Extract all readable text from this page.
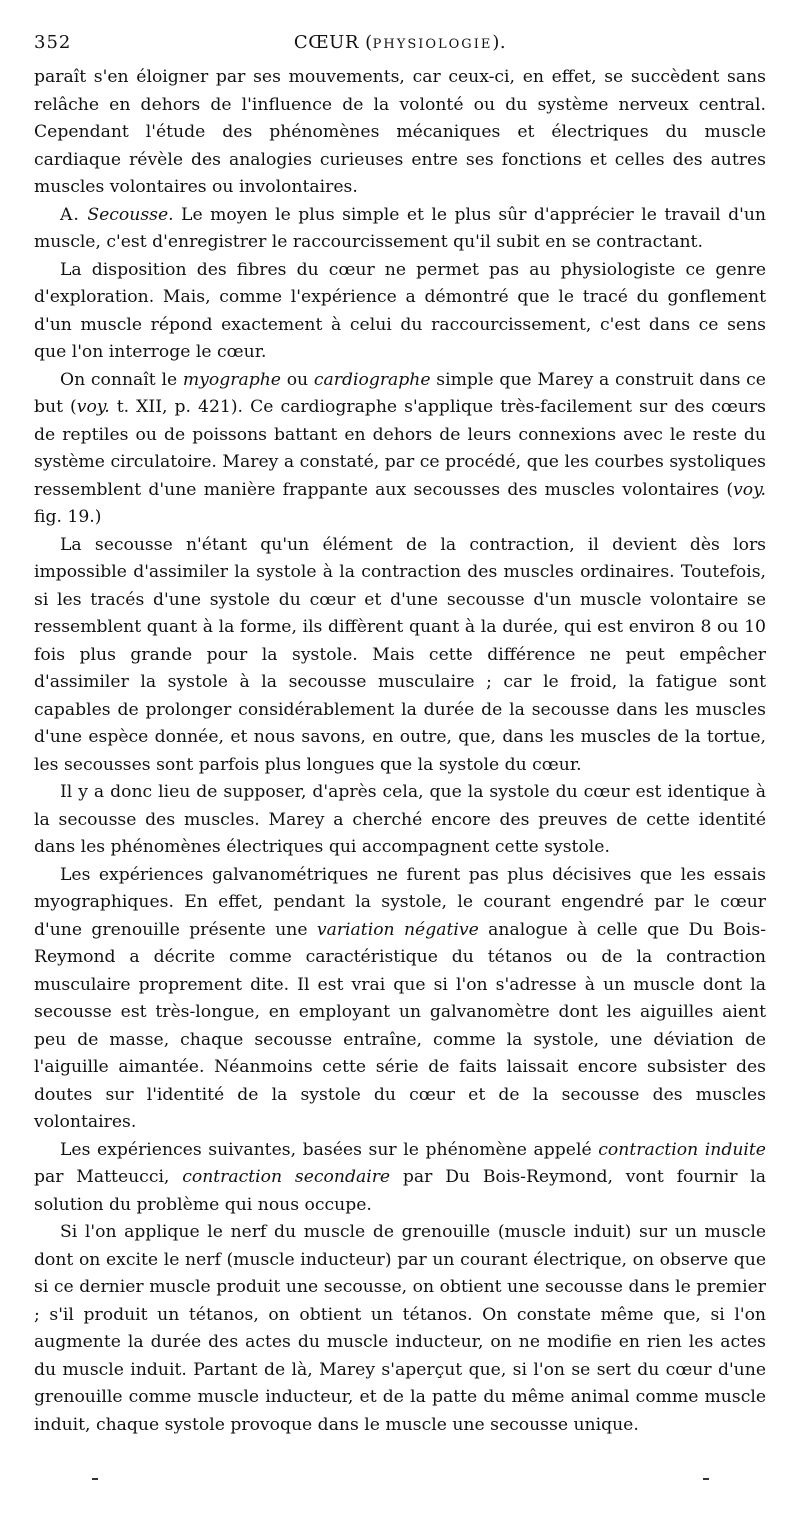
352	CŒUR (PHYSIOLOGIE).

paraît s'en éloigner par ses mouvements, car ceux-ci, en effet, se succèdent sans relâche en dehors de l'influence de la volonté ou du système nerveux central. Cependant l'étude des phénomènes mécaniques et électriques du muscle cardiaque révèle des analogies curieuses entre ses fonctions et celles des autres muscles volontaires ou involontaires.

A. Secousse. Le moyen le plus simple et le plus sûr d'apprécier le travail d'un muscle, c'est d'enregistrer le raccourcissement qu'il subit en se contractant.

La disposition des fibres du cœur ne permet pas au physiologiste ce genre d'exploration. Mais, comme l'expérience a démontré que le tracé du gonflement d'un muscle répond exactement à celui du raccourcissement, c'est dans ce sens que l'on interroge le cœur.

On connaît le myographe ou cardiographe simple que Marey a construit dans ce but (voy. t. XII, p. 421). Ce cardiographe s'applique très-facilement sur des cœurs de reptiles ou de poissons battant en dehors de leurs connexions avec le reste du système circulatoire. Marey a constaté, par ce procédé, que les courbes systoliques ressemblent d'une manière frappante aux secousses des muscles volontaires (voy. fig. 19.)

La secousse n'étant qu'un élément de la contraction, il devient dès lors impossible d'assimiler la systole à la contraction des muscles ordinaires. Toutefois, si les tracés d'une systole du cœur et d'une secousse d'un muscle volontaire se ressemblent quant à la forme, ils diffèrent quant à la durée, qui est environ 8 ou 10 fois plus grande pour la systole. Mais cette différence ne peut empêcher d'assimiler la systole à la secousse musculaire ; car le froid, la fatigue sont capables de prolonger considérablement la durée de la secousse dans les muscles d'une espèce donnée, et nous savons, en outre, que, dans les muscles de la tortue, les secousses sont parfois plus longues que la systole du cœur.

Il y a donc lieu de supposer, d'après cela, que la systole du cœur est identique à la secousse des muscles. Marey a cherché encore des preuves de cette identité dans les phénomènes électriques qui accompagnent cette systole.

Les expériences galvanométriques ne furent pas plus décisives que les essais myographiques. En effet, pendant la systole, le courant engendré par le cœur d'une grenouille présente une variation négative analogue à celle que Du Bois-Reymond a décrite comme caractéristique du tétanos ou de la contraction musculaire proprement dite. Il est vrai que si l'on s'adresse à un muscle dont la secousse est très-longue, en employant un galvanomètre dont les aiguilles aient peu de masse, chaque secousse entraîne, comme la systole, une déviation de l'aiguille aimantée. Néanmoins cette série de faits laissait encore subsister des doutes sur l'identité de la systole du cœur et de la secousse des muscles volontaires.

Les expériences suivantes, basées sur le phénomène appelé contraction induite par Matteucci, contraction secondaire par Du Bois-Reymond, vont fournir la solution du problème qui nous occupe.

Si l'on applique le nerf du muscle de grenouille (muscle induit) sur un muscle dont on excite le nerf (muscle inducteur) par un courant électrique, on observe que si ce dernier muscle produit une secousse, on obtient une secousse dans le premier ; s'il produit un tétanos, on obtient un tétanos. On constate même que, si l'on augmente la durée des actes du muscle inducteur, on ne modifie en rien les actes du muscle induit. Partant de là, Marey s'aperçut que, si l'on se sert du cœur d'une grenouille comme muscle inducteur, et de la patte du même animal comme muscle induit, chaque systole provoque dans le muscle une secousse unique.
